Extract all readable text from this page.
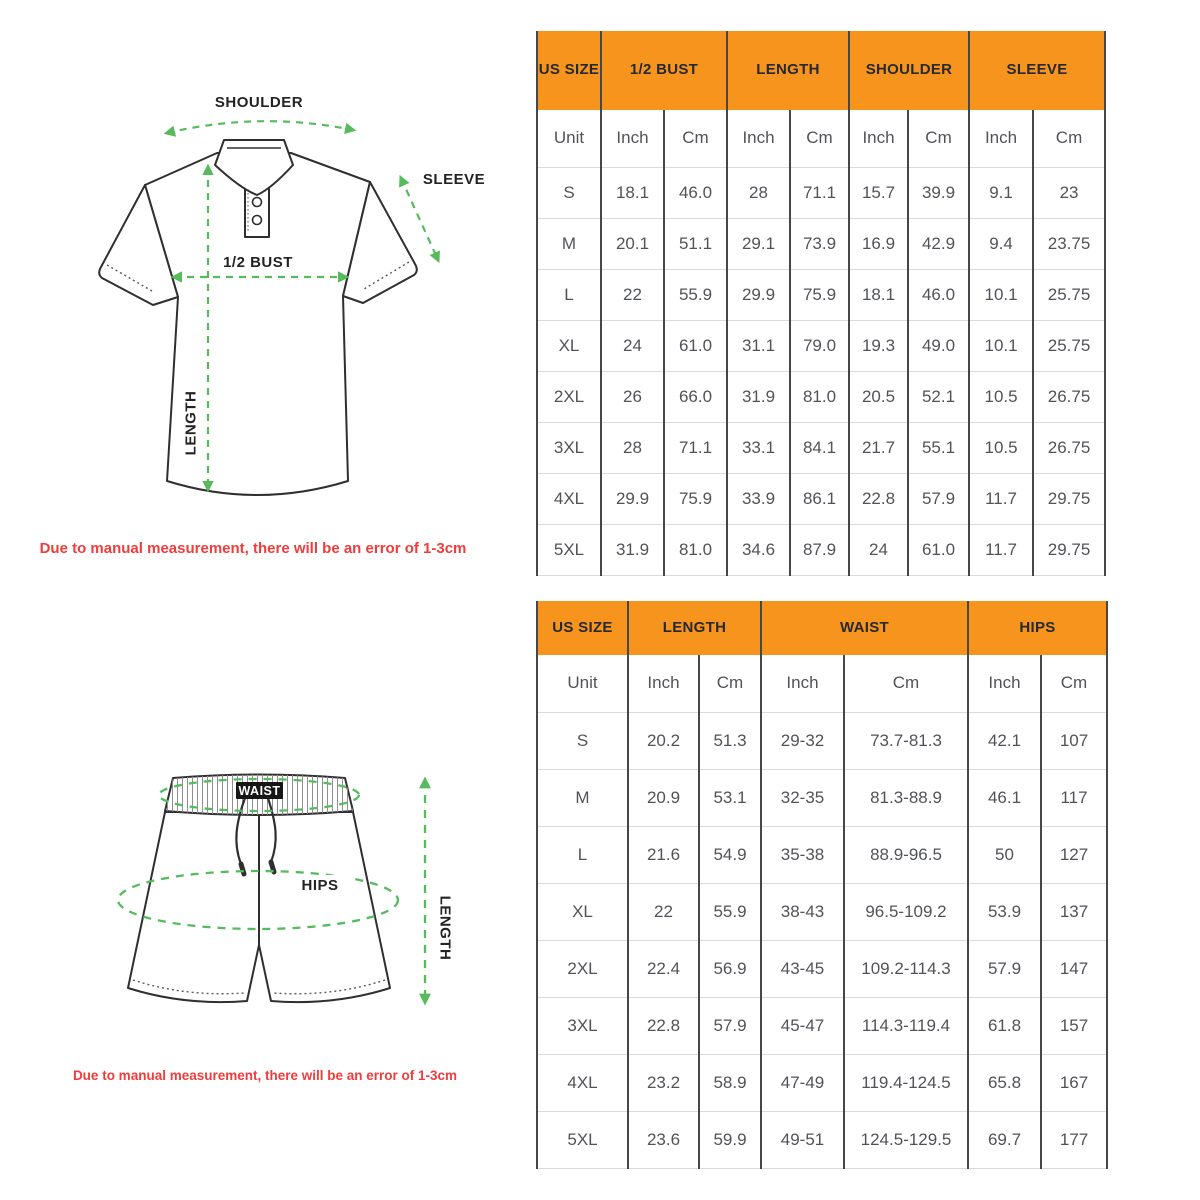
SHOULDER
SLEEVE
1/2 BUST
LENGTH
Due to manual measurement, there will be an error of 1-3cm
US SIZE	1/2 BUST		LENGTH		SHOULDER		SLEEVE	
Unit	Inch	Cm	Inch	Cm	Inch	Cm	Inch	Cm
S	18.1	46.0	28	71.1	15.7	39.9	9.1	23
M	20.1	51.1	29.1	73.9	16.9	42.9	9.4	23.75
L	22	55.9	29.9	75.9	18.1	46.0	10.1	25.75
XL	24	61.0	31.1	79.0	19.3	49.0	10.1	25.75
2XL	26	66.0	31.9	81.0	20.5	52.1	10.5	26.75
3XL	28	71.1	33.1	84.1	21.7	55.1	10.5	26.75
4XL	29.9	75.9	33.9	86.1	22.8	57.9	11.7	29.75
5XL	31.9	81.0	34.6	87.9	24	61.0	11.7	29.75
WAIST
HIPS
LENGTH
Due to manual measurement, there will be an error of 1-3cm
US SIZE	LENGTH		WAIST		HIPS	
Unit	Inch	Cm	Inch	Cm	Inch	Cm
S	20.2	51.3	29-32	73.7-81.3	42.1	107
M	20.9	53.1	32-35	81.3-88.9	46.1	117
L	21.6	54.9	35-38	88.9-96.5	50	127
XL	22	55.9	38-43	96.5-109.2	53.9	137
2XL	22.4	56.9	43-45	109.2-114.3	57.9	147
3XL	22.8	57.9	45-47	114.3-119.4	61.8	157
4XL	23.2	58.9	47-49	119.4-124.5	65.8	167
5XL	23.6	59.9	49-51	124.5-129.5	69.7	177
